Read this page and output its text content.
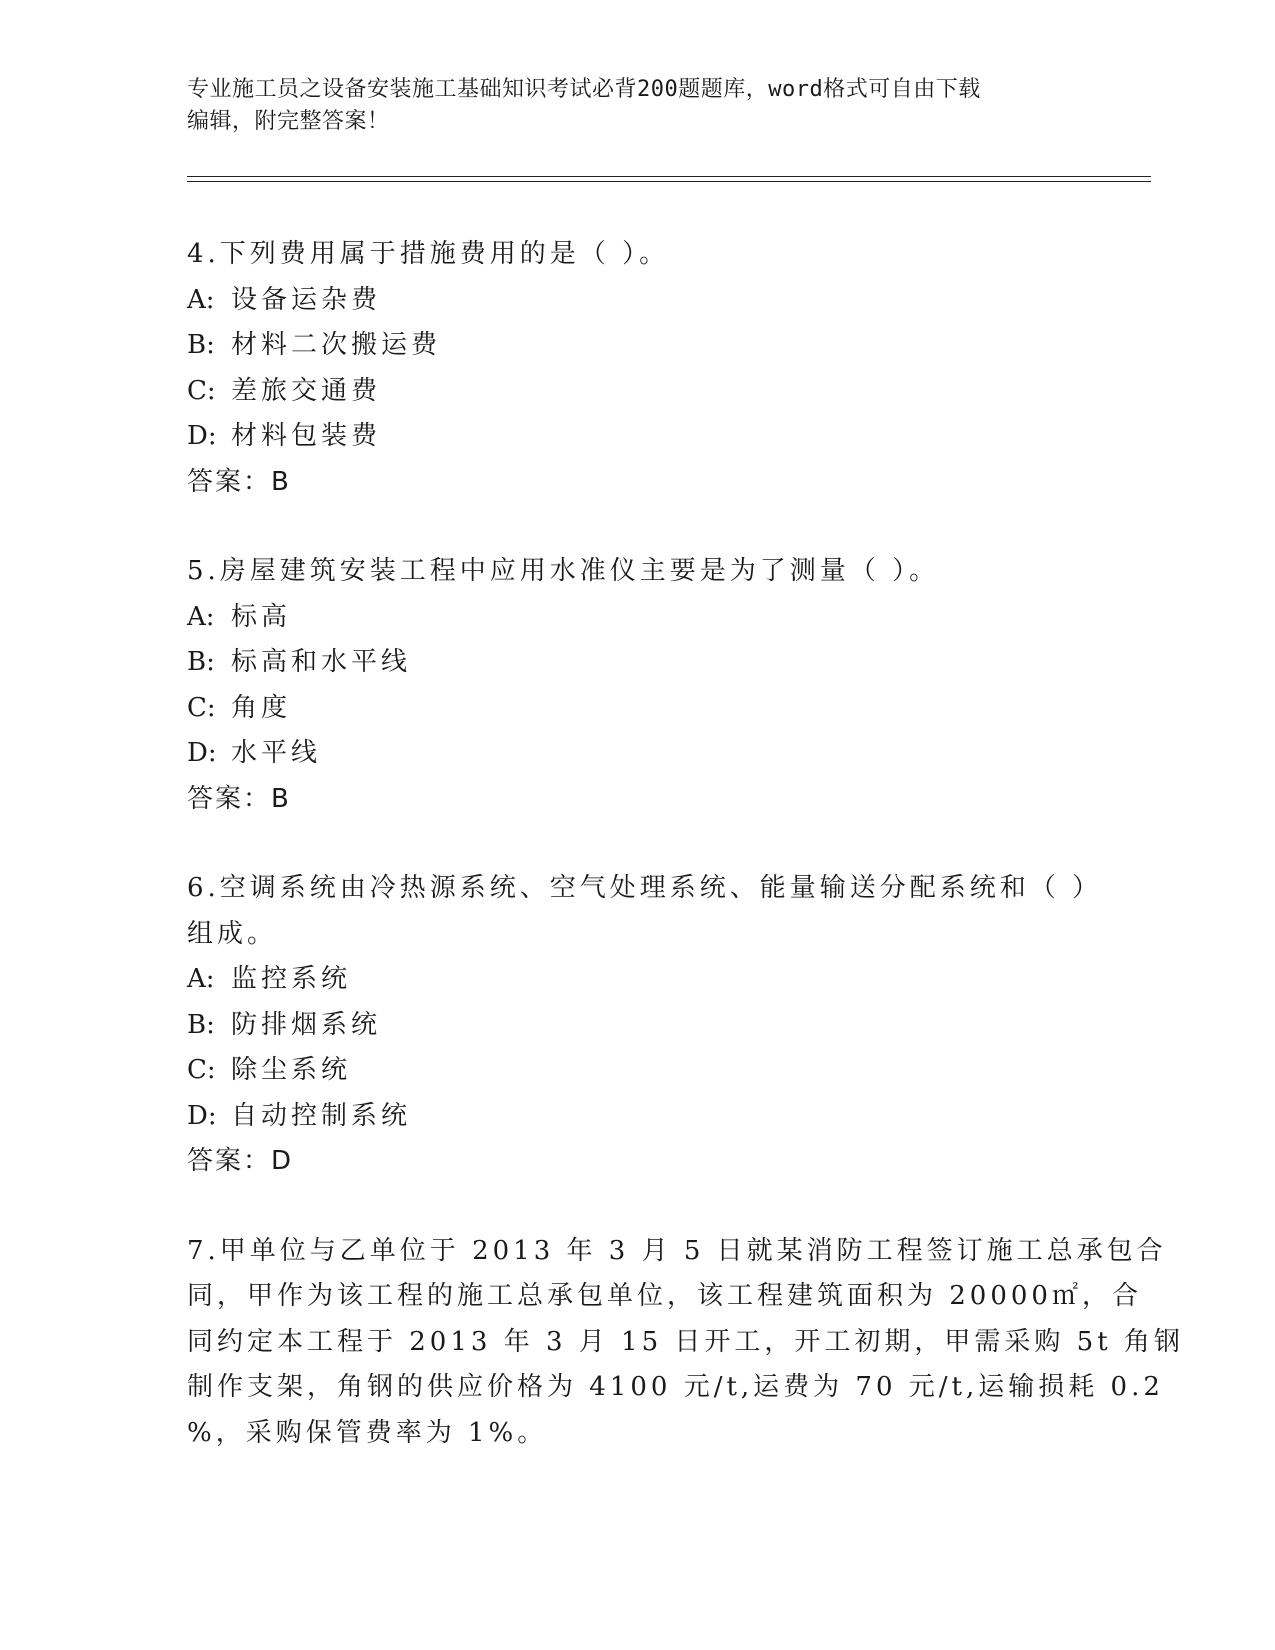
专业施工员之设备安装施工基础知识考试必背200题题库，word格式可自由下载
编辑，附完整答案！
4.下列费用属于措施费用的是（ ）。
A: 设备运杂费
B: 材料二次搬运费
C: 差旅交通费
D: 材料包装费
答案：B
5.房屋建筑安装工程中应用水准仪主要是为了测量（ ）。
A: 标高
B: 标高和水平线
C: 角度
D: 水平线
答案：B
6.空调系统由冷热源系统、空气处理系统、能量输送分配系统和（ ）
组成。
A: 监控系统
B: 防排烟系统
C: 除尘系统
D: 自动控制系统
答案：D
7.甲单位与乙单位于 2013 年 3 月 5 日就某消防工程签订施工总承包合
同，甲作为该工程的施工总承包单位，该工程建筑面积为 20000㎡，合
同约定本工程于 2013 年 3 月 15 日开工，开工初期，甲需采购 5t 角钢
制作支架，角钢的供应价格为 4100 元/t,运费为 70 元/t,运输损耗 0.2
%，采购保管费率为 1%。
